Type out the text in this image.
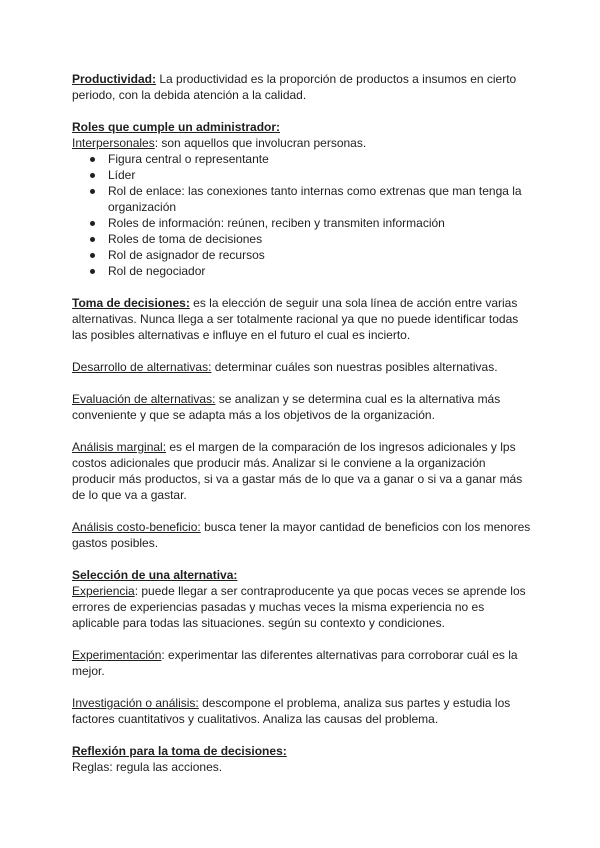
Productividad: La productividad es la proporción de productos a insumos en cierto periodo, con la debida atención a la calidad.

Roles que cumple un administrador:

Interpersonales: son aquellos que involucran personas.

Figura central o representante
Líder
Rol de enlace: las conexiones tanto internas como extrenas que man tenga la organización
Roles de información: reúnen, reciben y transmiten información
Roles de toma de decisiones
Rol de asignador de recursos
Rol de negociador

Toma de decisiones: es la elección de seguir una sola línea de acción entre varias alternativas. Nunca llega a ser totalmente racional ya que no puede identificar todas las posibles alternativas e influye en el futuro el cual es incierto.

Desarrollo de alternativas: determinar cuáles son nuestras posibles alternativas.

Evaluación de alternativas: se analizan y se determina cual es la alternativa más conveniente y que se adapta más a los objetivos de la organización.

Análisis marginal: es el margen de la comparación de los ingresos adicionales y lps costos adicionales que producir más. Analizar si le conviene a la organización producir más productos, si va a gastar más de lo que va a ganar o si va a ganar más de lo que va a gastar.

Análisis costo-beneficio: busca tener la mayor cantidad de beneficios con los menores gastos posibles.

Selección de una alternativa:

Experiencia: puede llegar a ser contraproducente ya que pocas veces se aprende los errores de experiencias pasadas y muchas veces la misma experiencia no es aplicable para todas las situaciones. según su contexto y condiciones.

Experimentación: experimentar las diferentes alternativas para corroborar cuál es la mejor.

Investigación o análisis: descompone el problema, analiza sus partes y estudia los factores cuantitativos y cualitativos. Analiza las causas del problema.

Reflexión para la toma de decisiones:

Reglas: regula las acciones.
